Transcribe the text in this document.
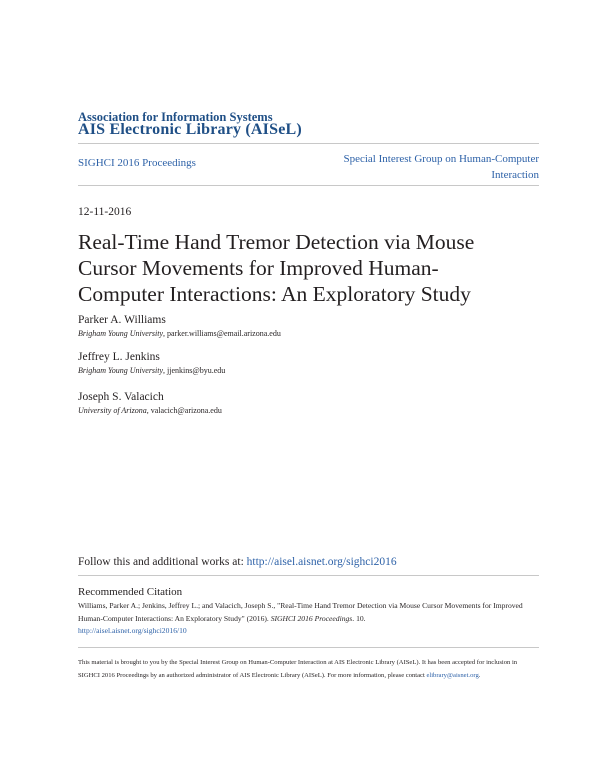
Association for Information Systems
AIS Electronic Library (AISeL)
SIGHCI 2016 Proceedings	Special Interest Group on Human-Computer
Interaction
12-11-2016
Real-Time Hand Tremor Detection via Mouse
Cursor Movements for Improved Human-
Computer Interactions: An Exploratory Study
Parker A. Williams
Brigham Young University, parker.williams@email.arizona.edu
Jeffrey L. Jenkins
Brigham Young University, jjenkins@byu.edu
Joseph S. Valacich
University of Arizona, valacich@arizona.edu
Follow this and additional works at: http://aisel.aisnet.org/sighci2016
Recommended Citation
Williams, Parker A.; Jenkins, Jeffrey L.; and Valacich, Joseph S., "Real-Time Hand Tremor Detection via Mouse Cursor Movements for Improved Human-Computer Interactions: An Exploratory Study" (2016). SIGHCI 2016 Proceedings. 10.
http://aisel.aisnet.org/sighci2016/10
This material is brought to you by the Special Interest Group on Human-Computer Interaction at AIS Electronic Library (AISeL). It has been accepted for inclusion in SIGHCI 2016 Proceedings by an authorized administrator of AIS Electronic Library (AISeL). For more information, please contact elibrary@aisnet.org.
